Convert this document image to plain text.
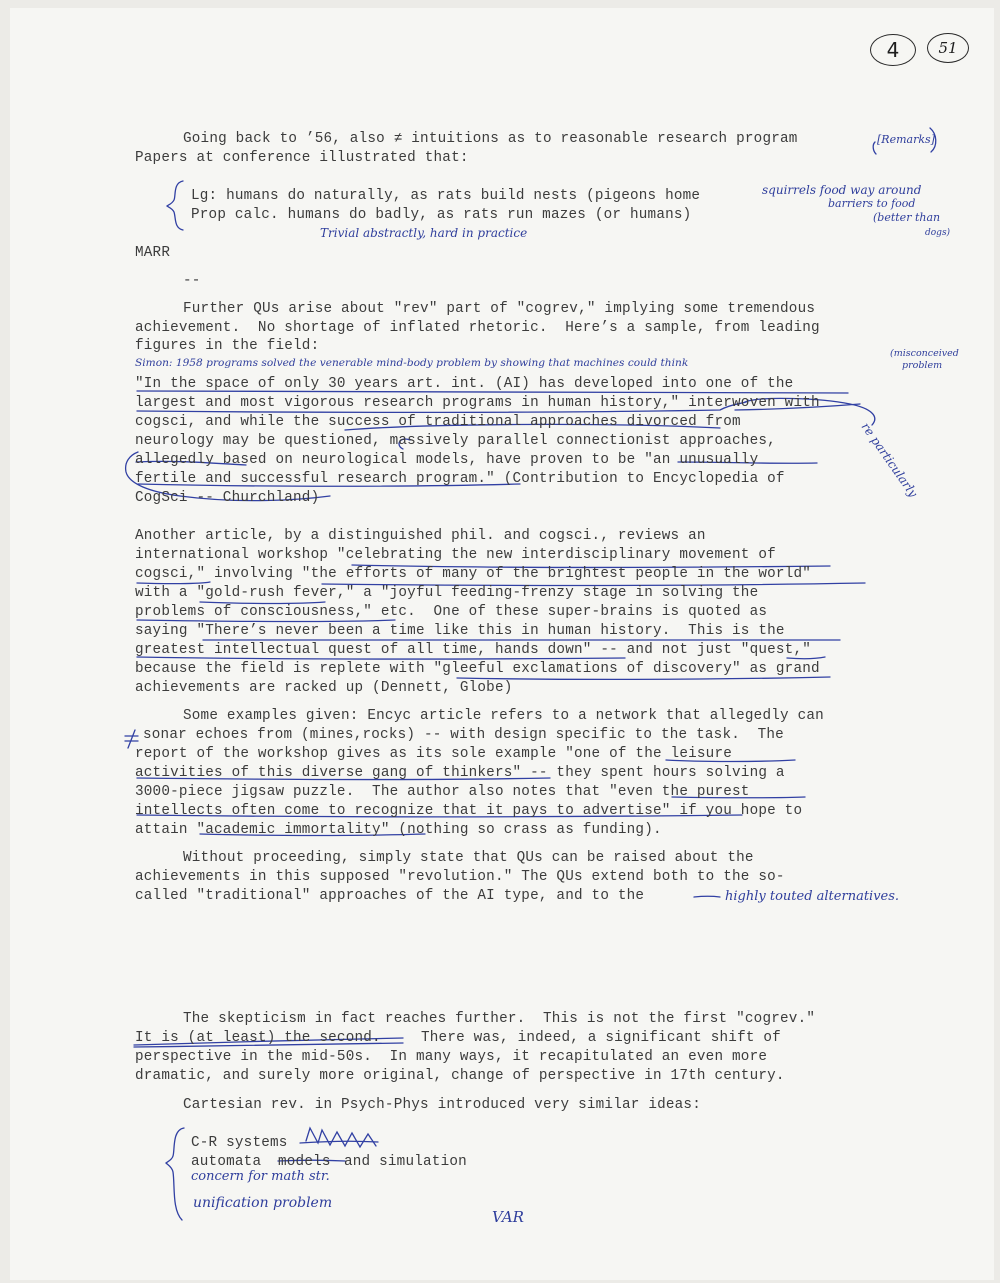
4	51
Going back to ’56, also ≠ intuitions as to reasonable research program
Papers at conference illustrated that:
Lg: humans do naturally, as rats build nests (pigeons home
Prop calc. humans do badly, as rats run mazes (or humans)
MARR
--
[Remarks]
squirrels food way around
barriers to food
(better than
dogs)
Trivial abstractly, hard in practice
Further QUs arise about "rev" part of "cogrev," implying some tremendous
achievement.  No shortage of inflated rhetoric.  Here’s a sample, from leading
figures in the field:
Simon: 1958 programs solved the venerable mind-body problem by showing that machines could think
(misconceived
problem
"In the space of only 30 years art. int. (AI) has developed into one of the
largest and most vigorous research programs in human history," interwoven with
cogsci, and while the success of traditional approaches divorced from
neurology may be questioned, massively parallel connectionist approaches,
allegedly based on neurological models, have proven to be "an unusually
fertile and successful research program." (Contribution to Encyclopedia of
CogSci -- Churchland)	re particularly
Another article, by a distinguished phil. and cogsci., reviews an
international workshop "celebrating the new interdisciplinary movement of
cogsci," involving "the efforts of many of the brightest people in the world"
with a "gold-rush fever," a "joyful feeding-frenzy stage in solving the
problems of consciousness," etc.  One of these super-brains is quoted as
saying "There’s never been a time like this in human history.  This is the
greatest intellectual quest of all time, hands down" -- and not just "quest,"
because the field is replete with "gleeful exclamations of discovery" as grand
achievements are racked up (Dennett, Globe)
Some examples given: Encyc article refers to a network that allegedly can
sonar echoes from (mines,rocks) -- with design specific to the task.  The
report of the workshop gives as its sole example "one of the leisure
activities of this diverse gang of thinkers" -- they spent hours solving a
3000-piece jigsaw puzzle.  The author also notes that "even the purest
intellects often come to recognize that it pays to advertise" if you hope to
attain "academic immortality" (nothing so crass as funding).
Without proceeding, simply state that QUs can be raised about the
achievements in this supposed "revolution." The QUs extend both to the so-
called "traditional" approaches of the AI type, and to the	highly touted alternatives.
The skepticism in fact reaches further.  This is not the first "cogrev."
It is (at least) the second.	There was, indeed, a significant shift of
perspective in the mid-50s.  In many ways, it recapitulated an even more
dramatic, and surely more original, change of perspective in 17th century.
Cartesian rev. in Psych-Phys introduced very similar ideas:
C-R systems
automata models and simulation
concern for math str.
unification problem
VAR
